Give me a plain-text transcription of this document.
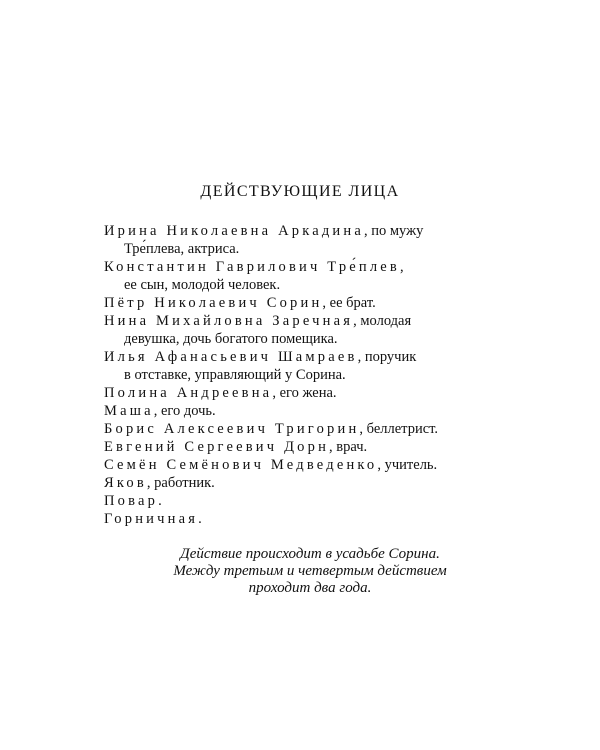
ДЕЙСТВУЮЩИЕ ЛИЦА

Ирина Николаевна Аркадина, по мужу
Тре́плева, актриса.

Константин Гаврилович Тре́плев,
ее сын, молодой человек.

Пётр Николаевич Сорин, ее брат.

Нина Михайловна Заречная, молодая
девушка, дочь богатого помещика.

Илья Афанасьевич Шамраев, поручик
в отставке, управляющий у Сорина.

Полина Андреевна, его жена.

Маша, его дочь.

Борис Алексеевич Тригорин, беллетрист.

Евгений Сергеевич Дорн, врач.

Семён Семёнович Медведенко, учитель.

Яков, работник.

Повар.

Горничная.

Действие происходит в усадьбе Сорина.
Между третьим и четвертым действием
проходит два года.
